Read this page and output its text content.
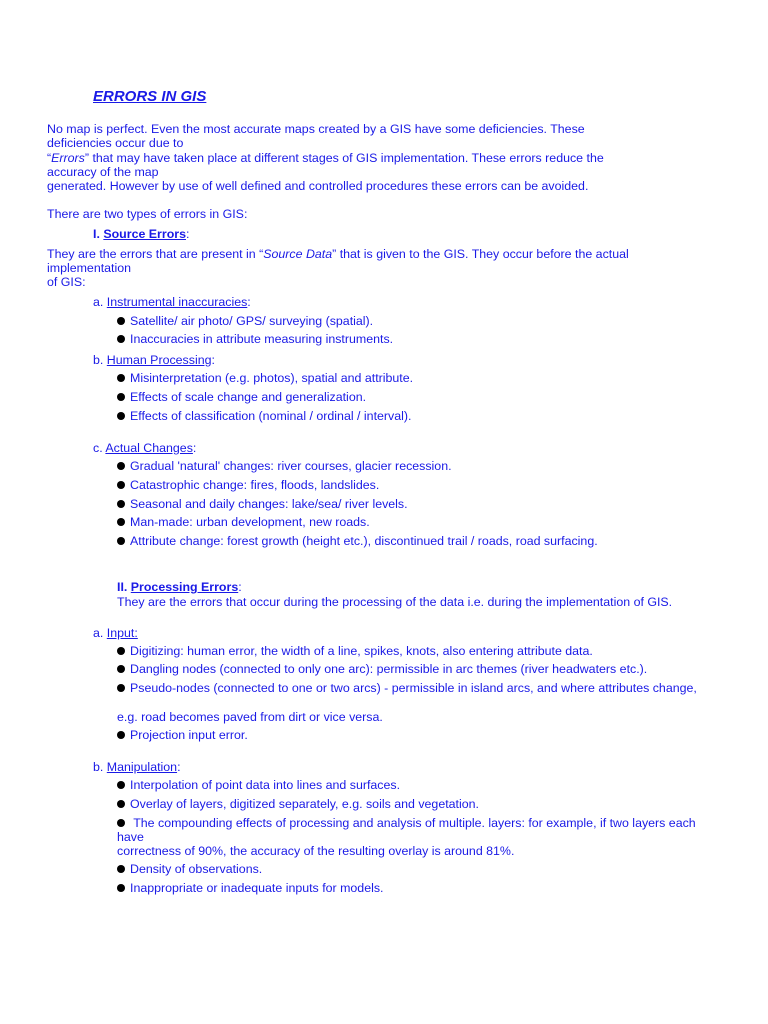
ERRORS IN GIS
No map is perfect. Even the most accurate maps created by a GIS have some deficiencies. These
deficiencies occur due to
“Errors” that may have taken place at different stages of GIS implementation. These errors reduce the
accuracy of the map
generated. However by use of well defined and controlled procedures these errors can be avoided.
There are two types of errors in GIS:
I. Source Errors:
They are the errors that are present in “Source Data” that is given to the GIS. They occur before the actual
implementation
of GIS:
a. Instrumental inaccuracies:
Satellite/ air photo/ GPS/ surveying (spatial).
Inaccuracies in attribute measuring instruments.
b. Human Processing:
Misinterpretation (e.g. photos), spatial and attribute.
Effects of scale change and generalization.
Effects of classification (nominal / ordinal / interval).
c. Actual Changes:
Gradual 'natural' changes: river courses, glacier recession.
Catastrophic change: fires, floods, landslides.
Seasonal and daily changes: lake/sea/ river levels.
Man-made: urban development, new roads.
Attribute change: forest growth (height etc.), discontinued trail / roads, road surfacing.
II. Processing Errors:
They are the errors that occur during the processing of the data i.e. during the implementation of GIS.
a. Input:
Digitizing: human error, the width of a line, spikes, knots, also entering attribute data.
Dangling nodes (connected to only one arc): permissible in arc themes (river headwaters etc.).
Pseudo-nodes (connected to one or two arcs) - permissible in island arcs, and where attributes change,
e.g. road becomes paved from dirt or vice versa.
Projection input error.
b. Manipulation:
Interpolation of point data into lines and surfaces.
Overlay of layers, digitized separately, e.g. soils and vegetation.
The compounding effects of processing and analysis of multiple. layers: for example, if two layers each
have
correctness of 90%, the accuracy of the resulting overlay is around 81%.
Density of observations.
Inappropriate or inadequate inputs for models.
